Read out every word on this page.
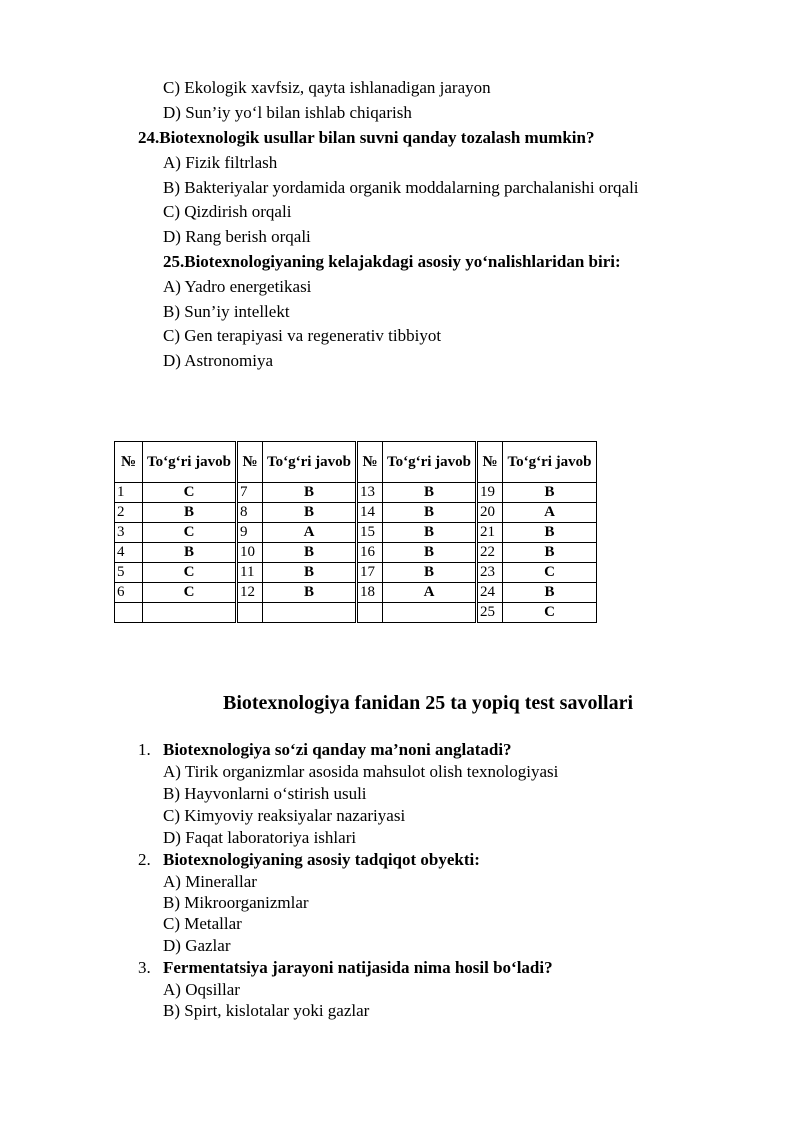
C) Ekologik xavfsiz, qayta ishlanadigan jarayon
D) Sun’iy yo‘l bilan ishlab chiqarish
24.Biotexnologik usullar bilan suvni qanday tozalash mumkin?
A) Fizik filtrlash
B) Bakteriyalar yordamida organik moddalarning parchalanishi orqali
C) Qizdirish orqali
D) Rang berish orqali
25.Biotexnologiyaning kelajakdagi asosiy yo‘nalishlaridan biri:
A) Yadro energetikasi
B) Sun’iy intellekt
C) Gen terapiyasi va regenerativ tibbiyot
D) Astronomiya
№	To‘g‘ri javob	№	To‘g‘ri javob	№	To‘g‘ri javob	№	To‘g‘ri javob
1	C	7	B	13	B	19	B
2	B	8	B	14	B	20	A
3	C	9	A	15	B	21	B
4	B	10	B	16	B	22	B
5	C	11	B	17	B	23	C
6	C	12	B	18	A	24	B
						25	C
Biotexnologiya fanidan 25 ta yopiq test savollari
1. Biotexnologiya so‘zi qanday ma’noni anglatadi?
A) Tirik organizmlar asosida mahsulot olish texnologiyasi
B) Hayvonlarni o‘stirish usuli
C) Kimyoviy reaksiyalar nazariyasi
D) Faqat laboratoriya ishlari
2. Biotexnologiyaning asosiy tadqiqot obyekti:
A) Minerallar
B) Mikroorganizmlar
C) Metallar
D) Gazlar
3. Fermentatsiya jarayoni natijasida nima hosil bo‘ladi?
A) Oqsillar
B) Spirt, kislotalar yoki gazlar
